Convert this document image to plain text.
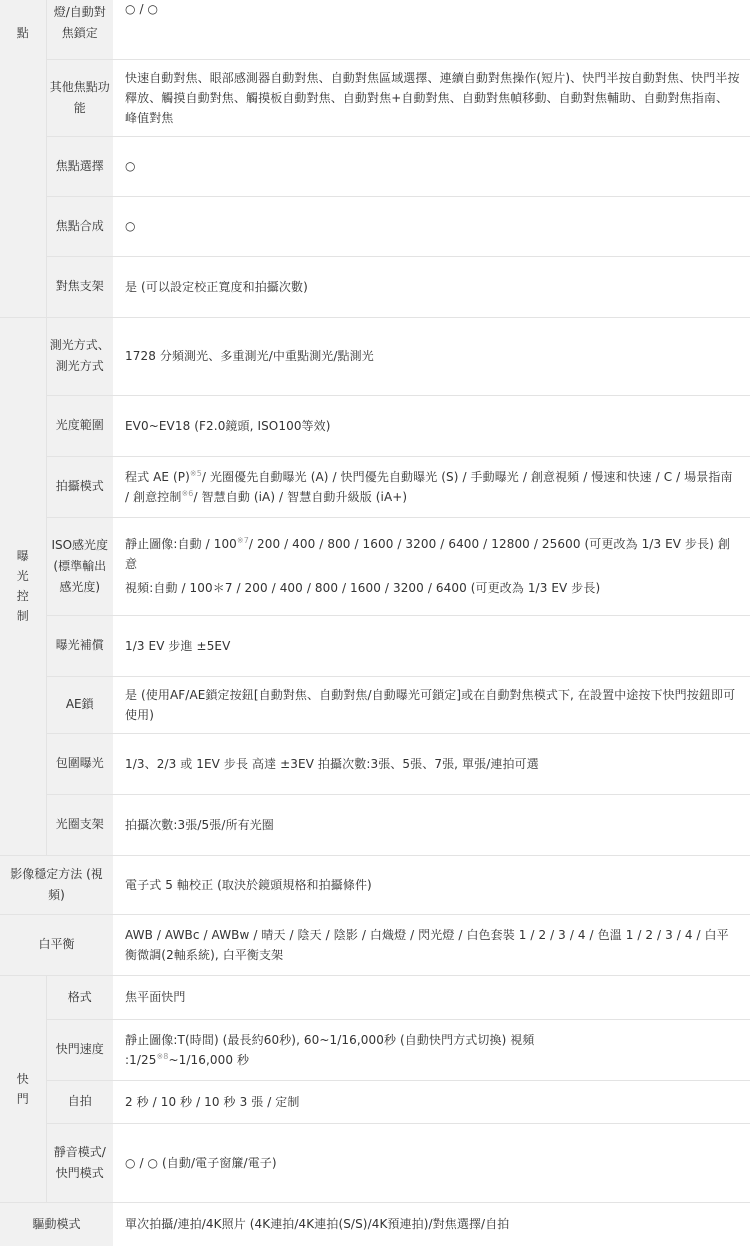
點	燈/自動對焦鎖定	○ / ○
	其他焦點功能	快速自動對焦、眼部感測器自動對焦、自動對焦區域選擇、連續自動對焦操作(短片)、快門半按自動對焦、快門半按釋放、觸摸自動對焦、觸摸板自動對焦、自動對焦+自動對焦、自動對焦幀移動、自動對焦輔助、自動對焦指南、峰值對焦
	焦點選擇	○
	焦點合成	○
	對焦支架	是 (可以設定校正寬度和拍攝次數)

曝
光
控
制	測光方式、測光方式	1728 分頻測光、多重測光/中重點測光/點測光
	光度範圍	EV0~EV18 (F2.0鏡頭, ISO100等效)
	拍攝模式	程式 AE $(P)^{※5}/$ 光圈優先自動曝光 (A) / 快門優先自動曝光 (S) / 手動曝光 / 創意視頻 / 慢速和快速 / C / 場景指南 / 創意控制$^{※6}$/ 智慧自動 (iA) / 智慧自動升級版 (iA+)
	ISO感光度(標準輸出感光度)	靜止圖像:自動 / 100$^{※7}$/ 200 / 400 / 800 / 1600 / 3200 / 6400 / 12800 / 25600 (可更改為 1/3 EV 步長) 創意
視頻:自動 / 100＊7 / 200 / 400 / 800 / 1600 / 3200 / 6400 (可更改為 1/3 EV 步長)

	曝光補償	1/3 EV 步進 ±5EV
	AE鎖	是 (使用AF/AE鎖定按鈕[自動對焦、自動對焦/自動曝光可鎖定]或在自動對焦模式下, 在設置中途按下快門按鈕即可使用)
	包圍曝光	1/3、2/3 或 1EV 步長 高達 ±3EV 拍攝次數:3張、5張、7張, 單張/連拍可選
	光圈支架	拍攝次數:3張/5張/所有光圈
影像穩定方法 (視頻)		電子式 5 軸校正 (取決於鏡頭規格和拍攝條件)
白平衡		AWB / AWBc / AWBw / 晴天 / 陰天 / 陰影 / 白熾燈 / 閃光燈 / 白色套裝 1 / 2 / 3 / 4 / 色溫 1 / 2 / 3 / 4 / 白平衡微調(2軸系統), 白平衡支架

快
門	格式	焦平面快門
	快門速度	靜止圖像:T(時間) (最長約60秒), 60~1/16,000秒 (自動快門方式切換) 視頻
:1/25$^{※8}$~1/16,000 秒

	自拍	2 秒 / 10 秒 / 10 秒 3 張 / 定制
	靜音模式/快門模式	○ / ○ (自動/電子窗簾/電子)
驅動模式		單次拍攝/連拍/4K照片 (4K連拍/4K連拍(S/S)/4K預連拍)/對焦選擇/自拍
